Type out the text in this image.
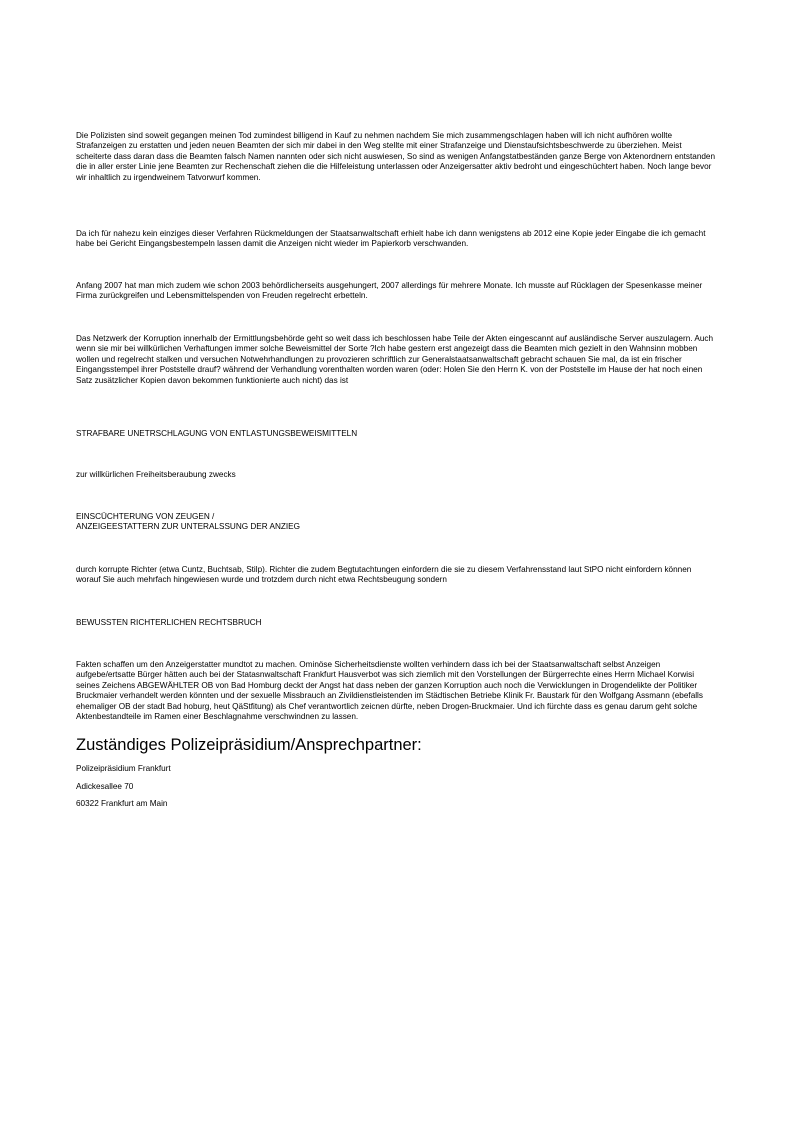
Die Polizisten sind soweit gegangen meinen Tod zumindest billigend in Kauf zu nehmen nachdem Sie mich zusammengschlagen haben will ich nicht aufhören wollte Strafanzeigen zu erstatten und jeden neuen Beamten der sich mir dabei in den Weg stellte mit einer Strafanzeige und Dienstaufsichtsbeschwerde zu überziehen. Meist scheiterte dass daran dass die Beamten falsch Namen nannten oder sich nicht auswiesen, So sind as wenigen Anfangstatbeständen ganze Berge von Aktenordnern entstanden die in aller erster Linie jene Beamten zur Rechenschaft ziehen die die Hilfeleistung unterlassen oder Anzeigersatter aktiv bedroht und eingeschüchtert haben. Noch lange bevor wir inhaltlich zu irgendweinem Tatvorwurf kommen.

Da ich für nahezu kein einziges dieser Verfahren Rückmeldungen der Staatsanwaltschaft erhielt habe ich dann wenigstens ab 2012 eine Kopie jeder Eingabe die ich gemacht habe bei Gericht Eingangsbestempeln lassen damit die Anzeigen nicht wieder im Papierkorb verschwanden.

Anfang 2007 hat man mich zudem wie schon 2003 behördlicherseits ausgehungert, 2007 allerdings für mehrere Monate. Ich musste auf Rücklagen der Spesenkasse meiner Firma zurückgreifen und Lebensmittelspenden von Freuden regelrecht erbetteln.

Das Netzwerk der Korruption innerhalb der Ermittlungsbehörde geht so weit dass ich beschlossen habe Teile der Akten eingescannt auf ausländische Server auszulagern. Auch wenn sie mir bei willkürlichen Verhaftungen immer solche Beweismittel der Sorte ?Ich habe gestern erst angezeigt dass die Beamten mich gezielt in den Wahnsinn mobben wollen und regelrecht stalken und versuchen Notwehrhandlungen zu provozieren schriftlich zur Generalstaatsanwaltschaft gebracht schauen Sie mal, da ist ein frischer Eingangsstempel ihrer Poststelle drauf? während der Verhandlung vorenthalten worden waren (oder: Holen Sie den Herrn K. von der Poststelle im Hause der hat noch einen Satz zusätzlicher Kopien davon bekommen funktionierte auch nicht) das ist

STRAFBARE UNETRSCHLAGUNG VON ENTLASTUNGSBEWEISMITTELN

zur willkürlichen Freiheitsberaubung zwecks

EINSCÜCHTERUNG VON ZEUGEN /
ANZEIGEESTATTERN ZUR UNTERALSSUNG DER ANZIEG

durch korrupte Richter (etwa Cuntz, Buchtsab, Stilp). Richter die zudem Begtutachtungen einfordern die sie zu diesem Verfahrensstand laut StPO nicht einfordern können worauf Sie auch mehrfach hingewiesen wurde und trotzdem durch nicht etwa Rechtsbeugung sondern

BEWUSSTEN RICHTERLICHEN RECHTSBRUCH

Fakten schaffen um den Anzeigerstatter mundtot zu machen. Ominöse Sicherheitsdienste wollten verhindern dass ich bei der Staatsanwaltschaft selbst Anzeigen aufgebe/ertsatte Bürger hätten auch bei der Statasnwaltschaft Frankfurt Hausverbot was sich ziemlich mit den Vorstellungen der Bürgerrechte eines Herrn Michael Korwisi seines Zeichens ABGEWÄHLTER OB von Bad Homburg deckt der Angst hat dass neben der ganzen Korruption auch noch die Verwicklungen in Drogendelikte der Politiker Bruckmaier verhandelt werden könnten und der sexuelle Missbrauch an Zivildienstleistenden im Städtischen Betriebe Klinik Fr. Baustark für den Wolfgang Assmann (ebefalls ehemaliger OB der stadt Bad hoburg, heut QäStfitung) als Chef verantwortlich zeicnen dürfte, neben Drogen-Bruckmaier. Und ich fürchte dass es genau darum geht solche Aktenbestandteile im Ramen einer Beschlagnahme verschwindnen zu lassen.

Zuständiges Polizeipräsidium/Ansprechpartner:

Polizeipräsidium Frankfurt

Adickesallee 70

60322 Frankfurt am Main
